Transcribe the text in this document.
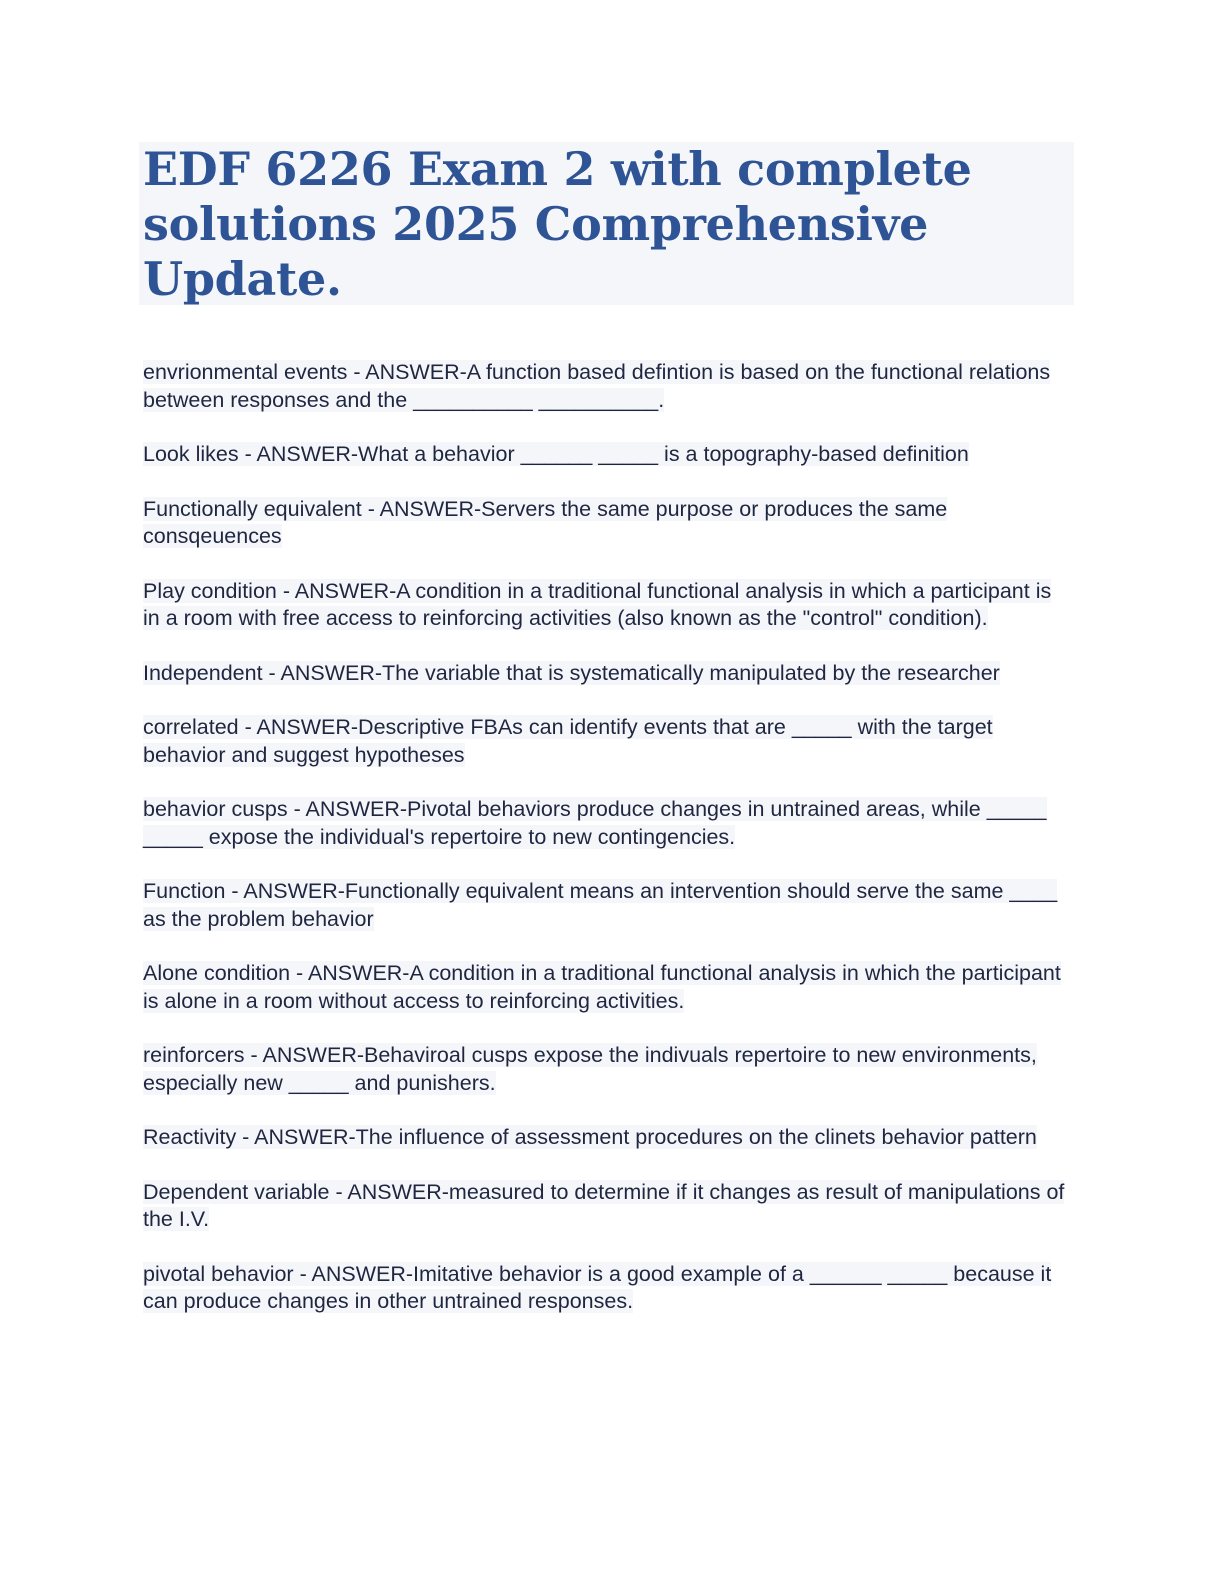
EDF 6226 Exam 2 with complete solutions 2025 Comprehensive Update.

envrionmental events - ANSWER-A function based defintion is based on the functional relations between responses and the __________ __________.

Look likes - ANSWER-What a behavior ______ _____ is a topography-based definition

Functionally equivalent - ANSWER-Servers the same purpose or produces the same consqeuences

Play condition - ANSWER-A condition in a traditional functional analysis in which a participant is in a room with free access to reinforcing activities (also known as the "control" condition).

Independent - ANSWER-The variable that is systematically manipulated by the researcher

correlated - ANSWER-Descriptive FBAs can identify events that are _____ with the target behavior and suggest hypotheses

behavior cusps - ANSWER-Pivotal behaviors produce changes in untrained areas, while _____ _____ expose the individual's repertoire to new contingencies.

Function - ANSWER-Functionally equivalent means an intervention should serve the same ____ as the problem behavior

Alone condition - ANSWER-A condition in a traditional functional analysis in which the participant is alone in a room without access to reinforcing activities.

reinforcers - ANSWER-Behaviroal cusps expose the indivuals repertoire to new environments, especially new _____ and punishers.

Reactivity - ANSWER-The influence of assessment procedures on the clinets behavior pattern

Dependent variable - ANSWER-measured to determine if it changes as result of manipulations of the I.V.

pivotal behavior - ANSWER-Imitative behavior is a good example of a ______ _____ because it can produce changes in other untrained responses.
